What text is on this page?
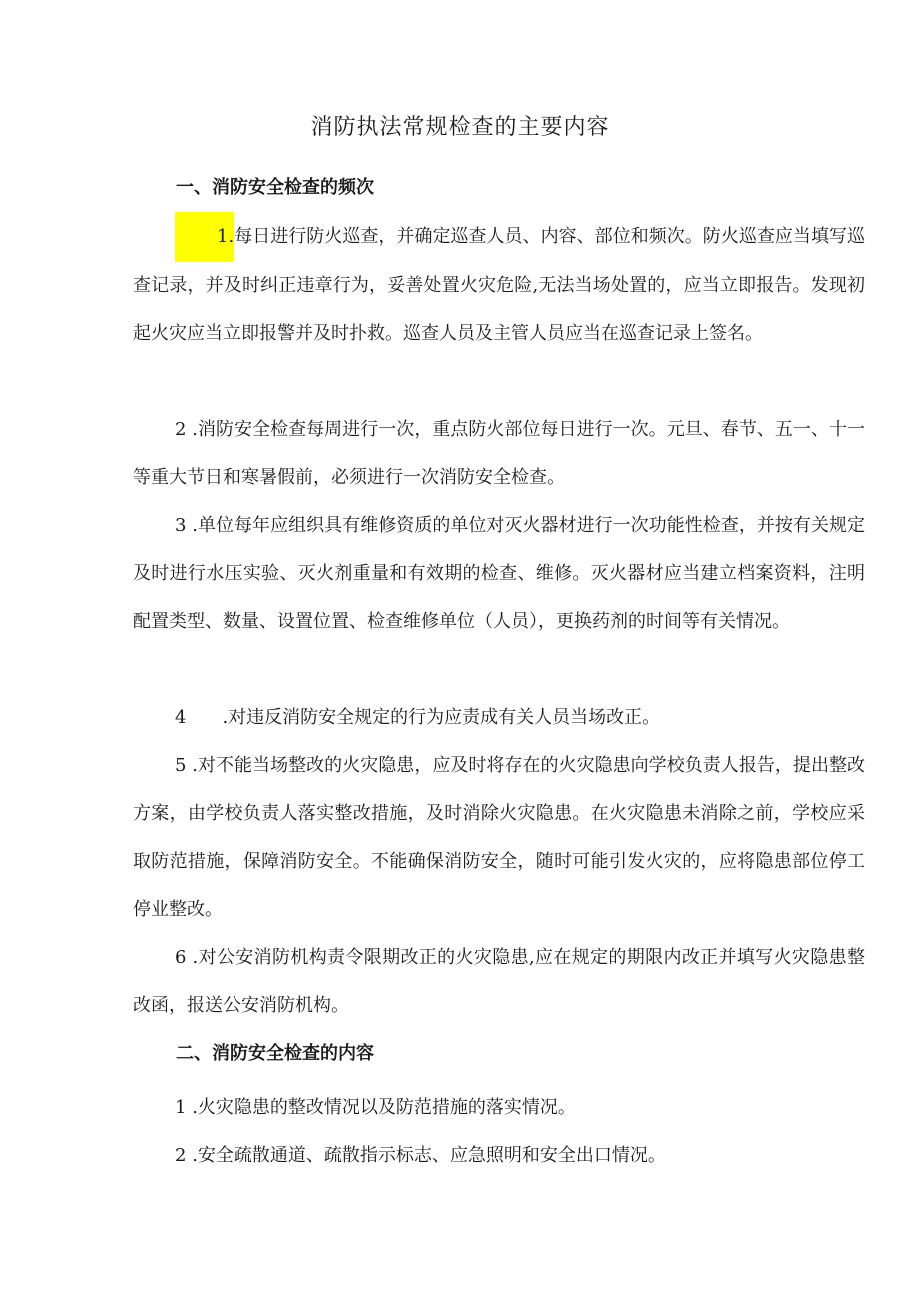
消防执法常规检查的主要内容
一、消防安全检查的频次

1.每日进行防火巡查，并确定巡查人员、内容、部位和频次。防火巡查应当填写巡查记录，并及时纠正违章行为，妥善处置火灾危险,无法当场处置的，应当立即报告。发现初起火灾应当立即报警并及时扑救。巡查人员及主管人员应当在巡查记录上签名。

2 .消防安全检查每周进行一次，重点防火部位每日进行一次。元旦、春节、五一、十一等重大节日和寒暑假前，必须进行一次消防安全检查。

3 .单位每年应组织具有维修资质的单位对灭火器材进行一次功能性检查，并按有关规定及时进行水压实验、灭火剂重量和有效期的检查、维修。灭火器材应当建立档案资料，注明配置类型、数量、设置位置、检查维修单位（人员），更换药剂的时间等有关情况。

4 .对违反消防安全规定的行为应责成有关人员当场改正。

5 .对不能当场整改的火灾隐患，应及时将存在的火灾隐患向学校负责人报告，提出整改方案，由学校负责人落实整改措施，及时消除火灾隐患。在火灾隐患未消除之前，学校应采取防范措施，保障消防安全。不能确保消防安全，随时可能引发火灾的，应将隐患部位停工停业整改。

6 .对公安消防机构责令限期改正的火灾隐患,应在规定的期限内改正并填写火灾隐患整改函，报送公安消防机构。

二、消防安全检查的内容

1 .火灾隐患的整改情况以及防范措施的落实情况。

2 .安全疏散通道、疏散指示标志、应急照明和安全出口情况。
